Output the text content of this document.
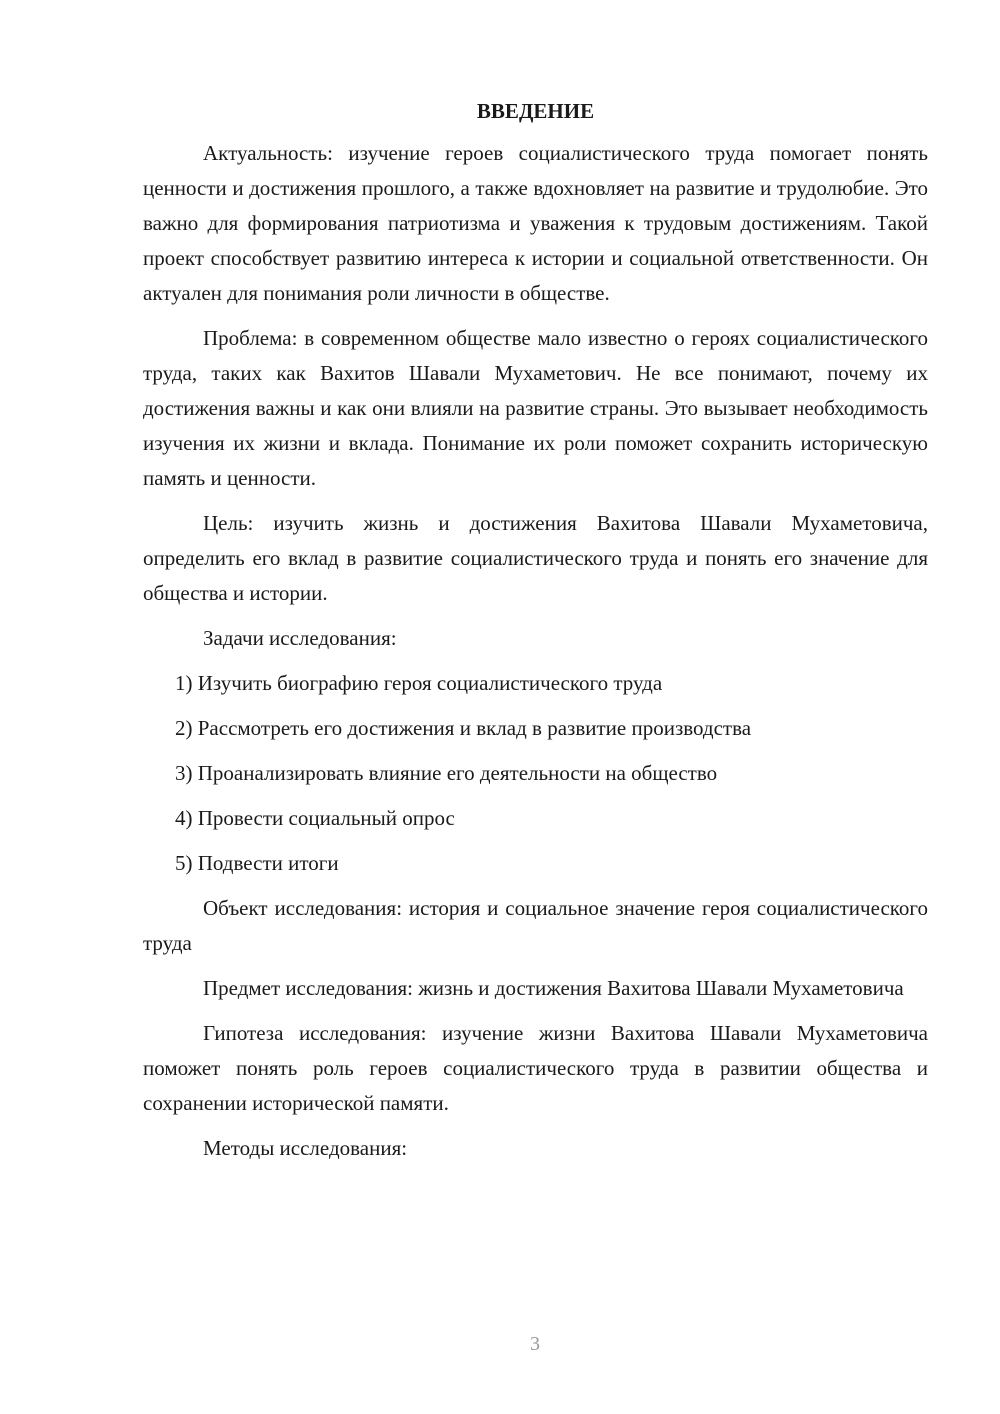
ВВЕДЕНИЕ

Актуальность: изучение героев социалистического труда помогает понять ценности и достижения прошлого, а также вдохновляет на развитие и трудолюбие. Это важно для формирования патриотизма и уважения к трудовым достижениям. Такой проект способствует развитию интереса к истории и социальной ответственности. Он актуален для понимания роли личности в обществе.

Проблема: в современном обществе мало известно о героях социалистического труда, таких как Вахитов Шавали Мухаметович. Не все понимают, почему их достижения важны и как они влияли на развитие страны. Это вызывает необходимость изучения их жизни и вклада. Понимание их роли поможет сохранить историческую память и ценности.

Цель: изучить жизнь и достижения Вахитова Шавали Мухаметовича, определить его вклад в развитие социалистического труда и понять его значение для общества и истории.

Задачи исследования:
1) Изучить биографию героя социалистического труда
2) Рассмотреть его достижения и вклад в развитие производства
3) Проанализировать влияние его деятельности на общество
4) Провести социальный опрос
5) Подвести итоги

Объект исследования: история и социальное значение героя социалистического труда

Предмет исследования: жизнь и достижения Вахитова Шавали Мухаметовича

Гипотеза исследования: изучение жизни Вахитова Шавали Мухаметовича поможет понять роль героев социалистического труда в развитии общества и сохранении исторической памяти.

Методы исследования:
3
